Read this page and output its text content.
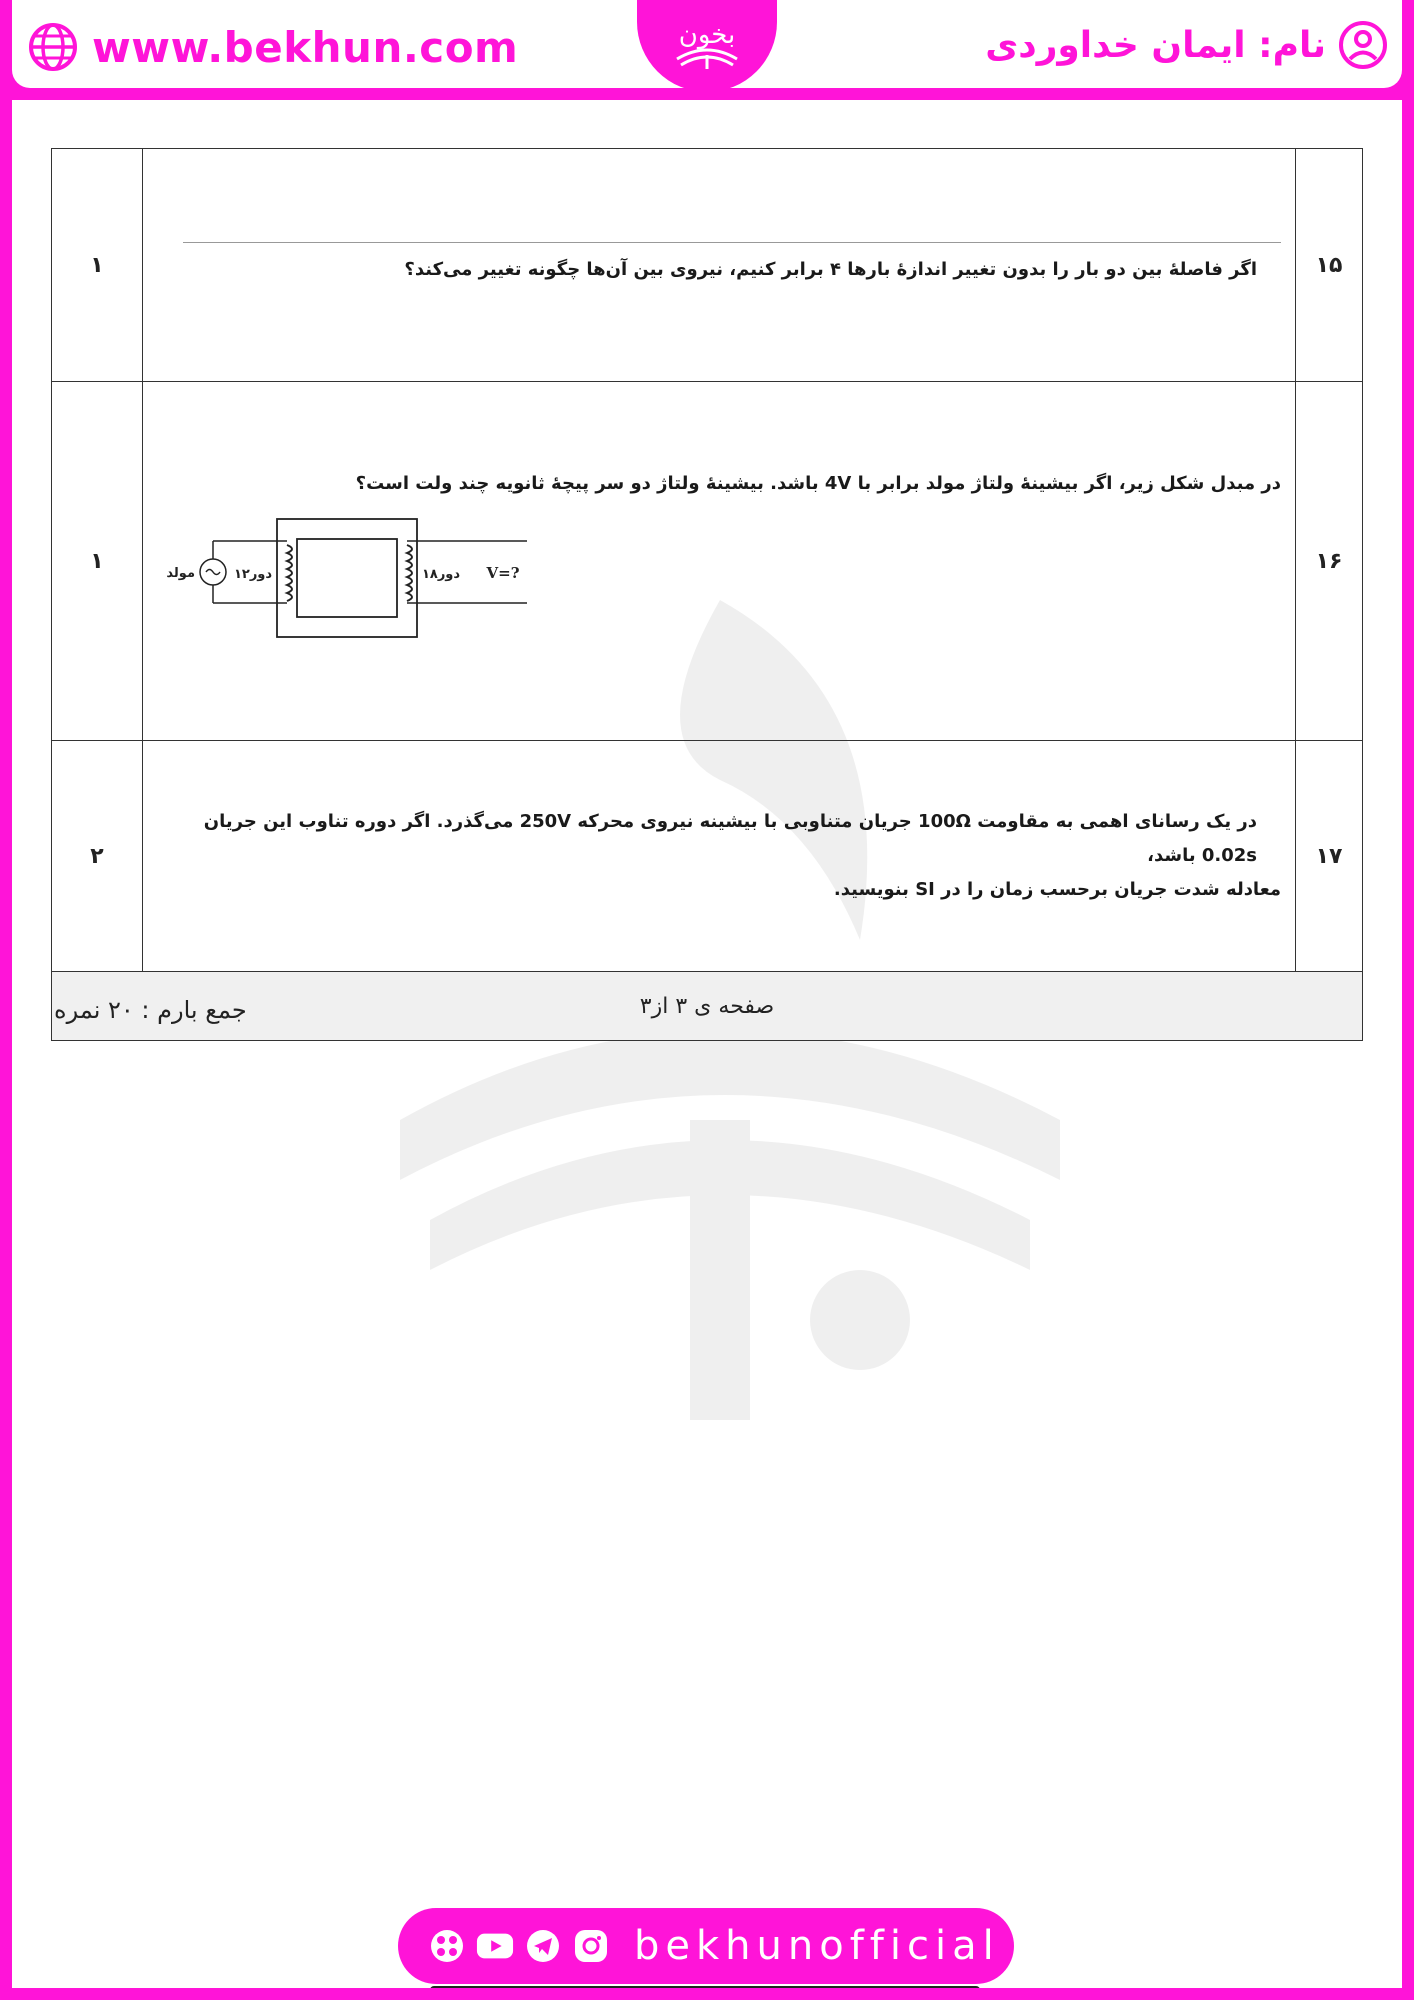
www.bekhun.com	بخون	نام: ایمان خداوردی
۱۵	اگر فاصلهٔ بین دو بار را بدون تغییر اندازهٔ بارها ۴ برابر کنیم، نیروی بین آن‌ها چگونه تغییر می‌کند؟	۱
۱۶	در مبدل شکل زیر، اگر بیشینهٔ ولتاژ مولد برابر با 4V باشد. بیشینهٔ ولتاژ دو سر پیچهٔ ثانویه چند ولت است؟
مولد ۱۲دور ۱۸دور V=?	۱
۱۷	در یک رسانای اهمی به مقاومت 100Ω جریان متناوبی با بیشینه نیروی محرکه 250V می‌گذرد. اگر دوره تناوب این جریان 0.02s باشد،
معادله شدت جریان برحسب زمان را در SI بنویسید.	۲
صفحه ی ۳ از۳		
جمع بارم : ۲۰ نمره
bekhunofficial
